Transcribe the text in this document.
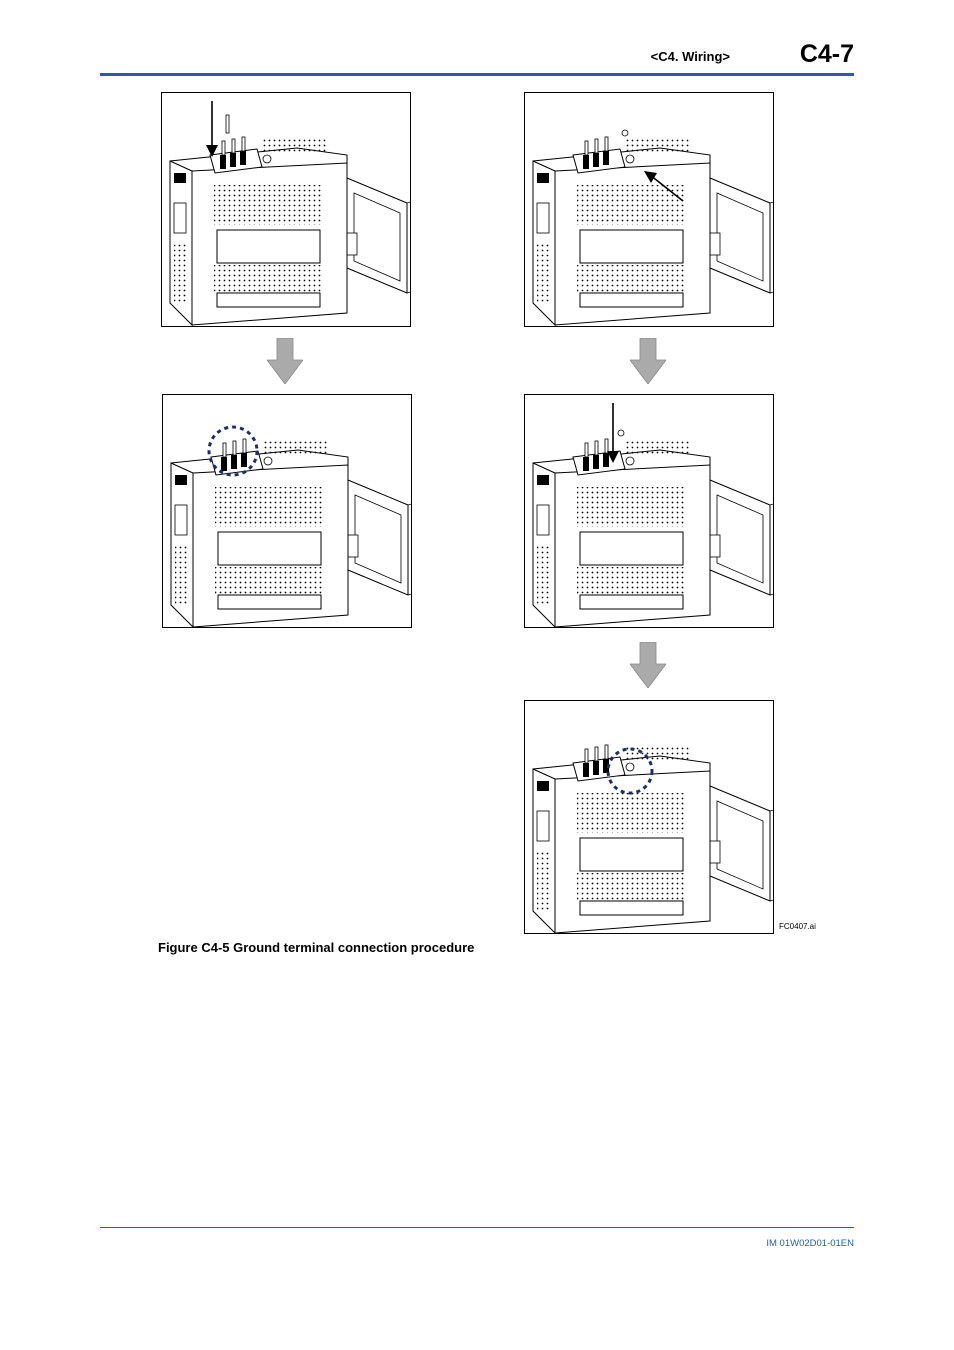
<C4. Wiring>	C4-7
FC0407.ai
Figure C4-5 Ground terminal connection procedure
IM 01W02D01-01EN
